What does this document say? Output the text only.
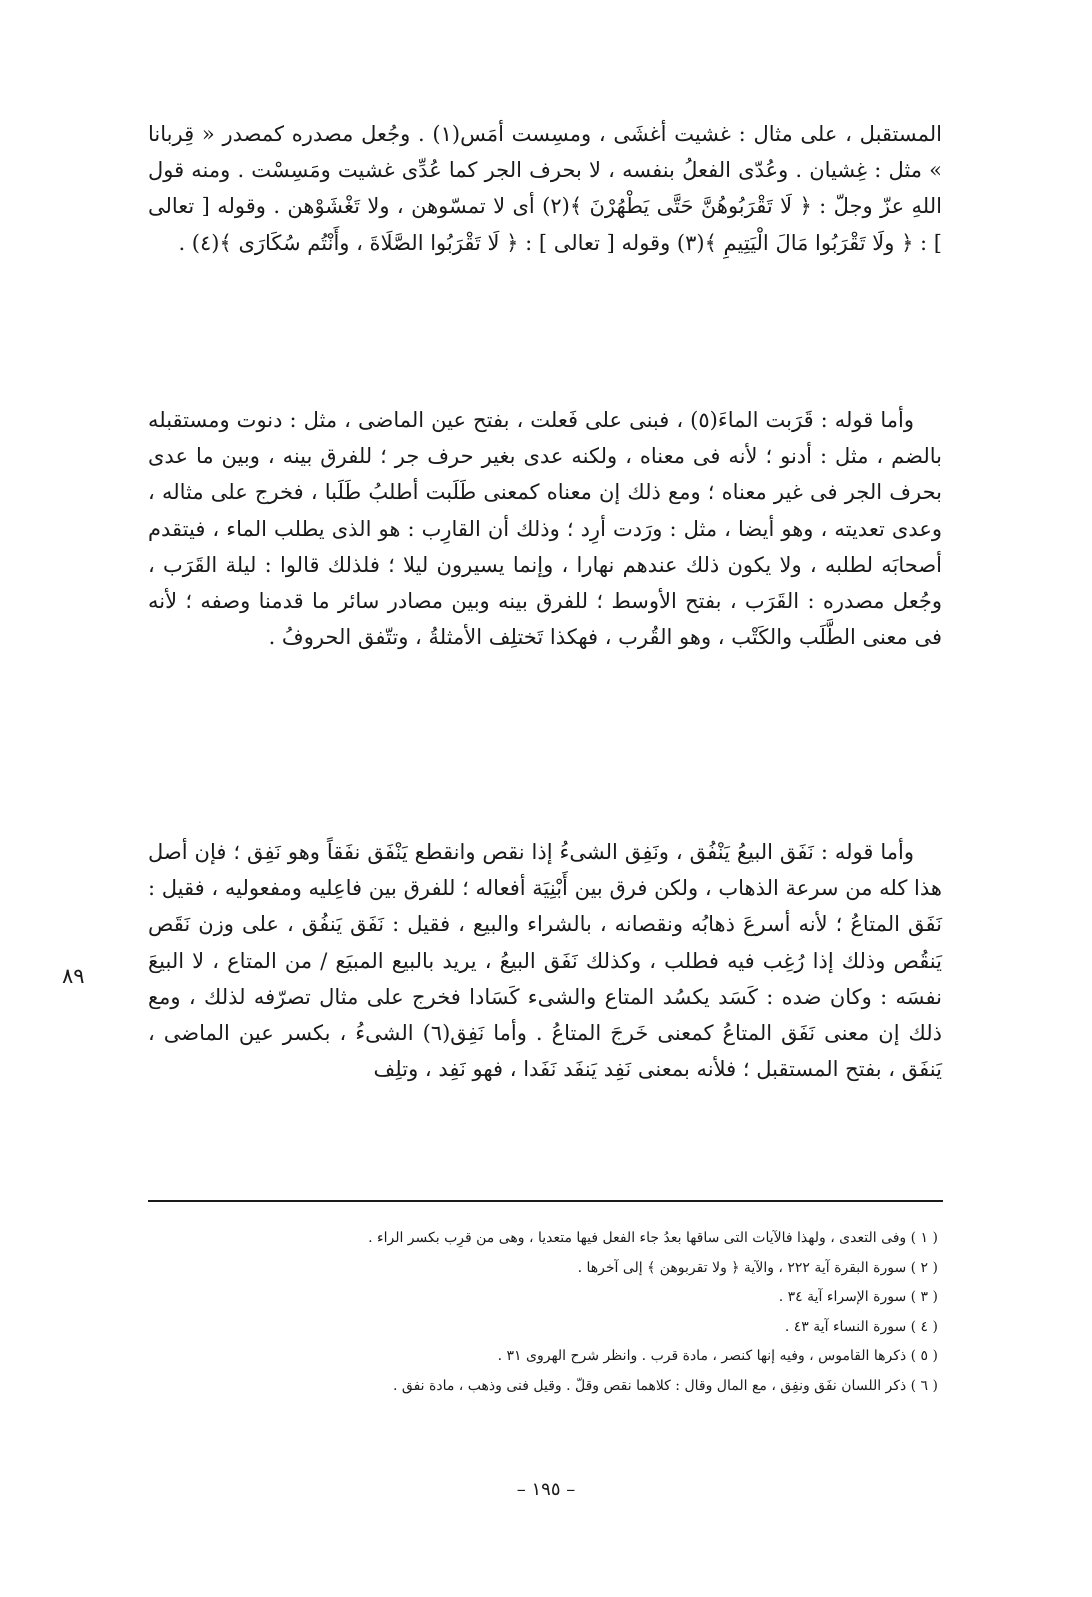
المستقبل ، على مثال : غشيت أغشَى ، ومسِست أمَس(١) . وجُعل مصدره كمصدر « قِربانا » مثل : غِشيان . وعُدّى الفعلُ بنفسه ، لا بحرف الجر كما عُدِّى غشيت ومَسِسْت . ومنه قول اللهِ عزّ وجلّ : ﴿ لَا تَقْرَبُوهُنَّ حَتَّى يَطْهُرْنَ ﴾(٢) أى لا تمسّوهن ، ولا تَغْشَوْهن . وقوله [ تعالى ] : ﴿ ولَا تَقْرَبُوا مَالَ الْيَتِيمِ ﴾(٣) وقوله [ تعالى ] : ﴿ لَا تَقْرَبُوا الصَّلَاةَ ، وأَنْتُم سُكَارَى ﴾(٤) .

وأما قوله : قَرَبت الماءَ(٥) ، فبنى على فَعلت ، بفتح عين الماضى ، مثل : دنوت ومستقبله بالضم ، مثل : أدنو ؛ لأنه فى معناه ، ولكنه عدى بغير حرف جر ؛ للفرق بينه ، وبين ما عدى بحرف الجر فى غير معناه ؛ ومع ذلك إن معناه كمعنى طَلَبت أطلبُ طَلَبا ، فخرج على مثاله ، وعدى تعديته ، وهو أيضا ، مثل : ورَدت أرِد ؛ وذلك أن القارِب : هو الذى يطلب الماء ، فيتقدم أصحابَه لطلبه ، ولا يكون ذلك عندهم نهارا ، وإنما يسيرون ليلا ؛ فلذلك قالوا : ليلة القَرَب ، وجُعل مصدره : القَرَب ، بفتح الأوسط ؛ للفرق بينه وبين مصادر سائر ما قدمنا وصفه ؛ لأنه فى معنى الطَّلَب والكَتْب ، وهو القُرب ، فهكذا تَختلِف الأمثلةُ ، وتتّفق الحروفُ .

وأما قوله : نَفَق البيعُ يَنْفُق ، ونَفِق الشىءُ إذا نقص وانقطع يَنْفَق نفَقاً وهو نَفِق ؛ فإن أصل هذا كله من سرعة الذهاب ، ولكن فرق بين أَبْنِيَة أفعاله ؛ للفرق بين فاعِليه ومفعوليه ، فقيل : نَفَق المتاعُ ؛ لأنه أسرعَ ذهابُه ونقصانه ، بالشراء والبيع ، فقيل : نَفَق يَنفُق ، على وزن نَقَص يَنقُص وذلك إذا رُغِب فيه فطلب ، وكذلك نَفَق البيعُ ، يريد بالبيع المبيَع / من المتاع ، لا البيعَ نفسَه : وكان ضده : كَسَد يكسُد المتاع والشىء كَسَادا فخرج على مثال تصرّفه لذلك ، ومع ذلك إن معنى نَفَق المتاعُ كمعنى خَرجَ المتاعُ . وأما نَفِق(٦) الشىءُ ، بكسر عين الماضى ، يَنفَق ، بفتح المستقبل ؛ فلأنه بمعنى نَفِد يَنفَد نَفَدا ، فهو نَفِد ، وتلِف

٨٩

( ١ ) وفى التعدى ، ولهذا فالآيات التى ساقها بعدُ جاء الفعل فيها متعديا ، وهى من قرِب بكسر الراء .

( ٢ ) سورة البقرة آية ٢٢٢ ، والآية ﴿ ولا تقربوهن ﴾ إلى آخرها .

( ٣ ) سورة الإسراء آية ٣٤ .

( ٤ ) سورة النساء آية ٤٣ .

( ٥ ) ذكرها القاموس ، وفيه إنها كنصر ، مادة قرب . وانظر شرح الهروى ٣١ .

( ٦ ) ذكر اللسان نفَق ونفِق ، مع المال وقال : كلاهما نقص وقلّ . وقيل فنى وذهب ، مادة نفق .

– ١٩٥ –
